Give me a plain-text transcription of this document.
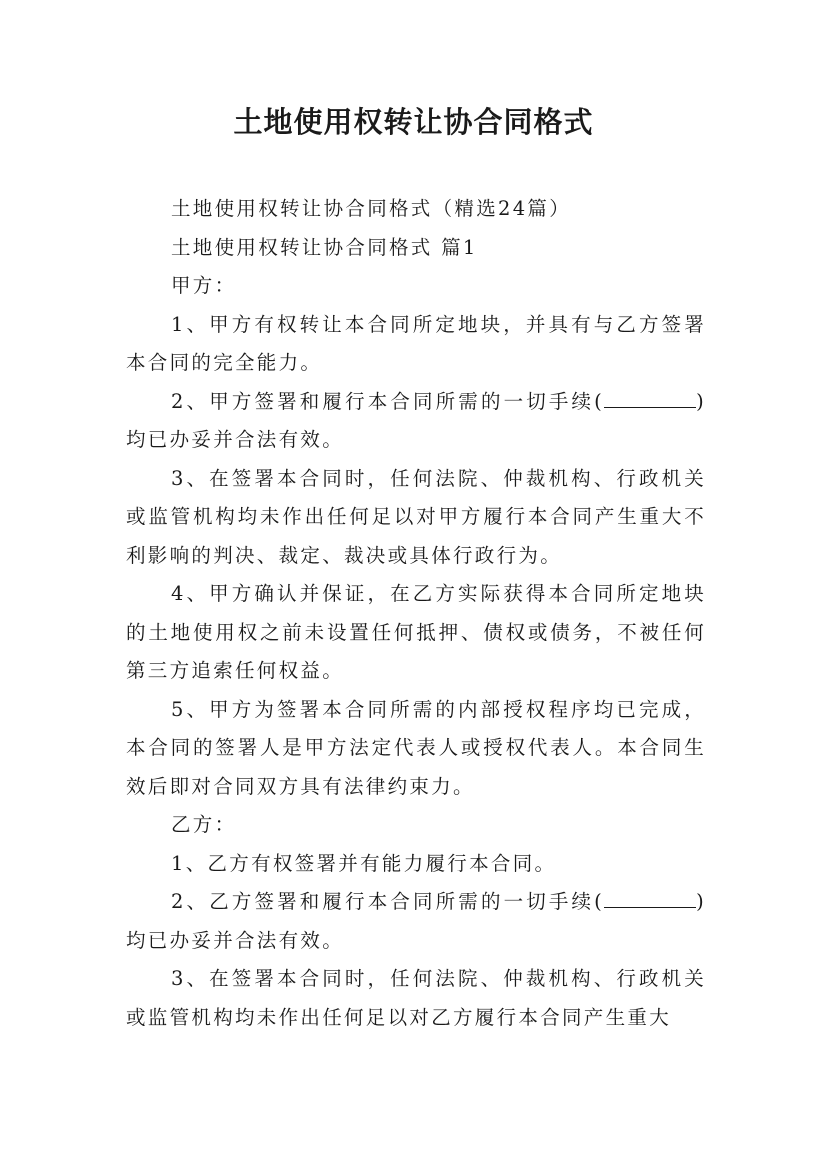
土地使用权转让协合同格式

土地使用权转让协合同格式（精选24篇）

土地使用权转让协合同格式 篇1

甲方：

1、甲方有权转让本合同所定地块，并具有与乙方签署本合同的完全能力。

2、甲方签署和履行本合同所需的一切手续(	)均已办妥并合法有效。

3、在签署本合同时，任何法院、仲裁机构、行政机关或监管机构均未作出任何足以对甲方履行本合同产生重大不利影响的判决、裁定、裁决或具体行政行为。

4、甲方确认并保证，在乙方实际获得本合同所定地块的土地使用权之前未设置任何抵押、债权或债务，不被任何第三方追索任何权益。

5、甲方为签署本合同所需的内部授权程序均已完成，本合同的签署人是甲方法定代表人或授权代表人。本合同生效后即对合同双方具有法律约束力。

乙方：

1、乙方有权签署并有能力履行本合同。

2、乙方签署和履行本合同所需的一切手续(	)均已办妥并合法有效。

3、在签署本合同时，任何法院、仲裁机构、行政机关或监管机构均未作出任何足以对乙方履行本合同产生重大
